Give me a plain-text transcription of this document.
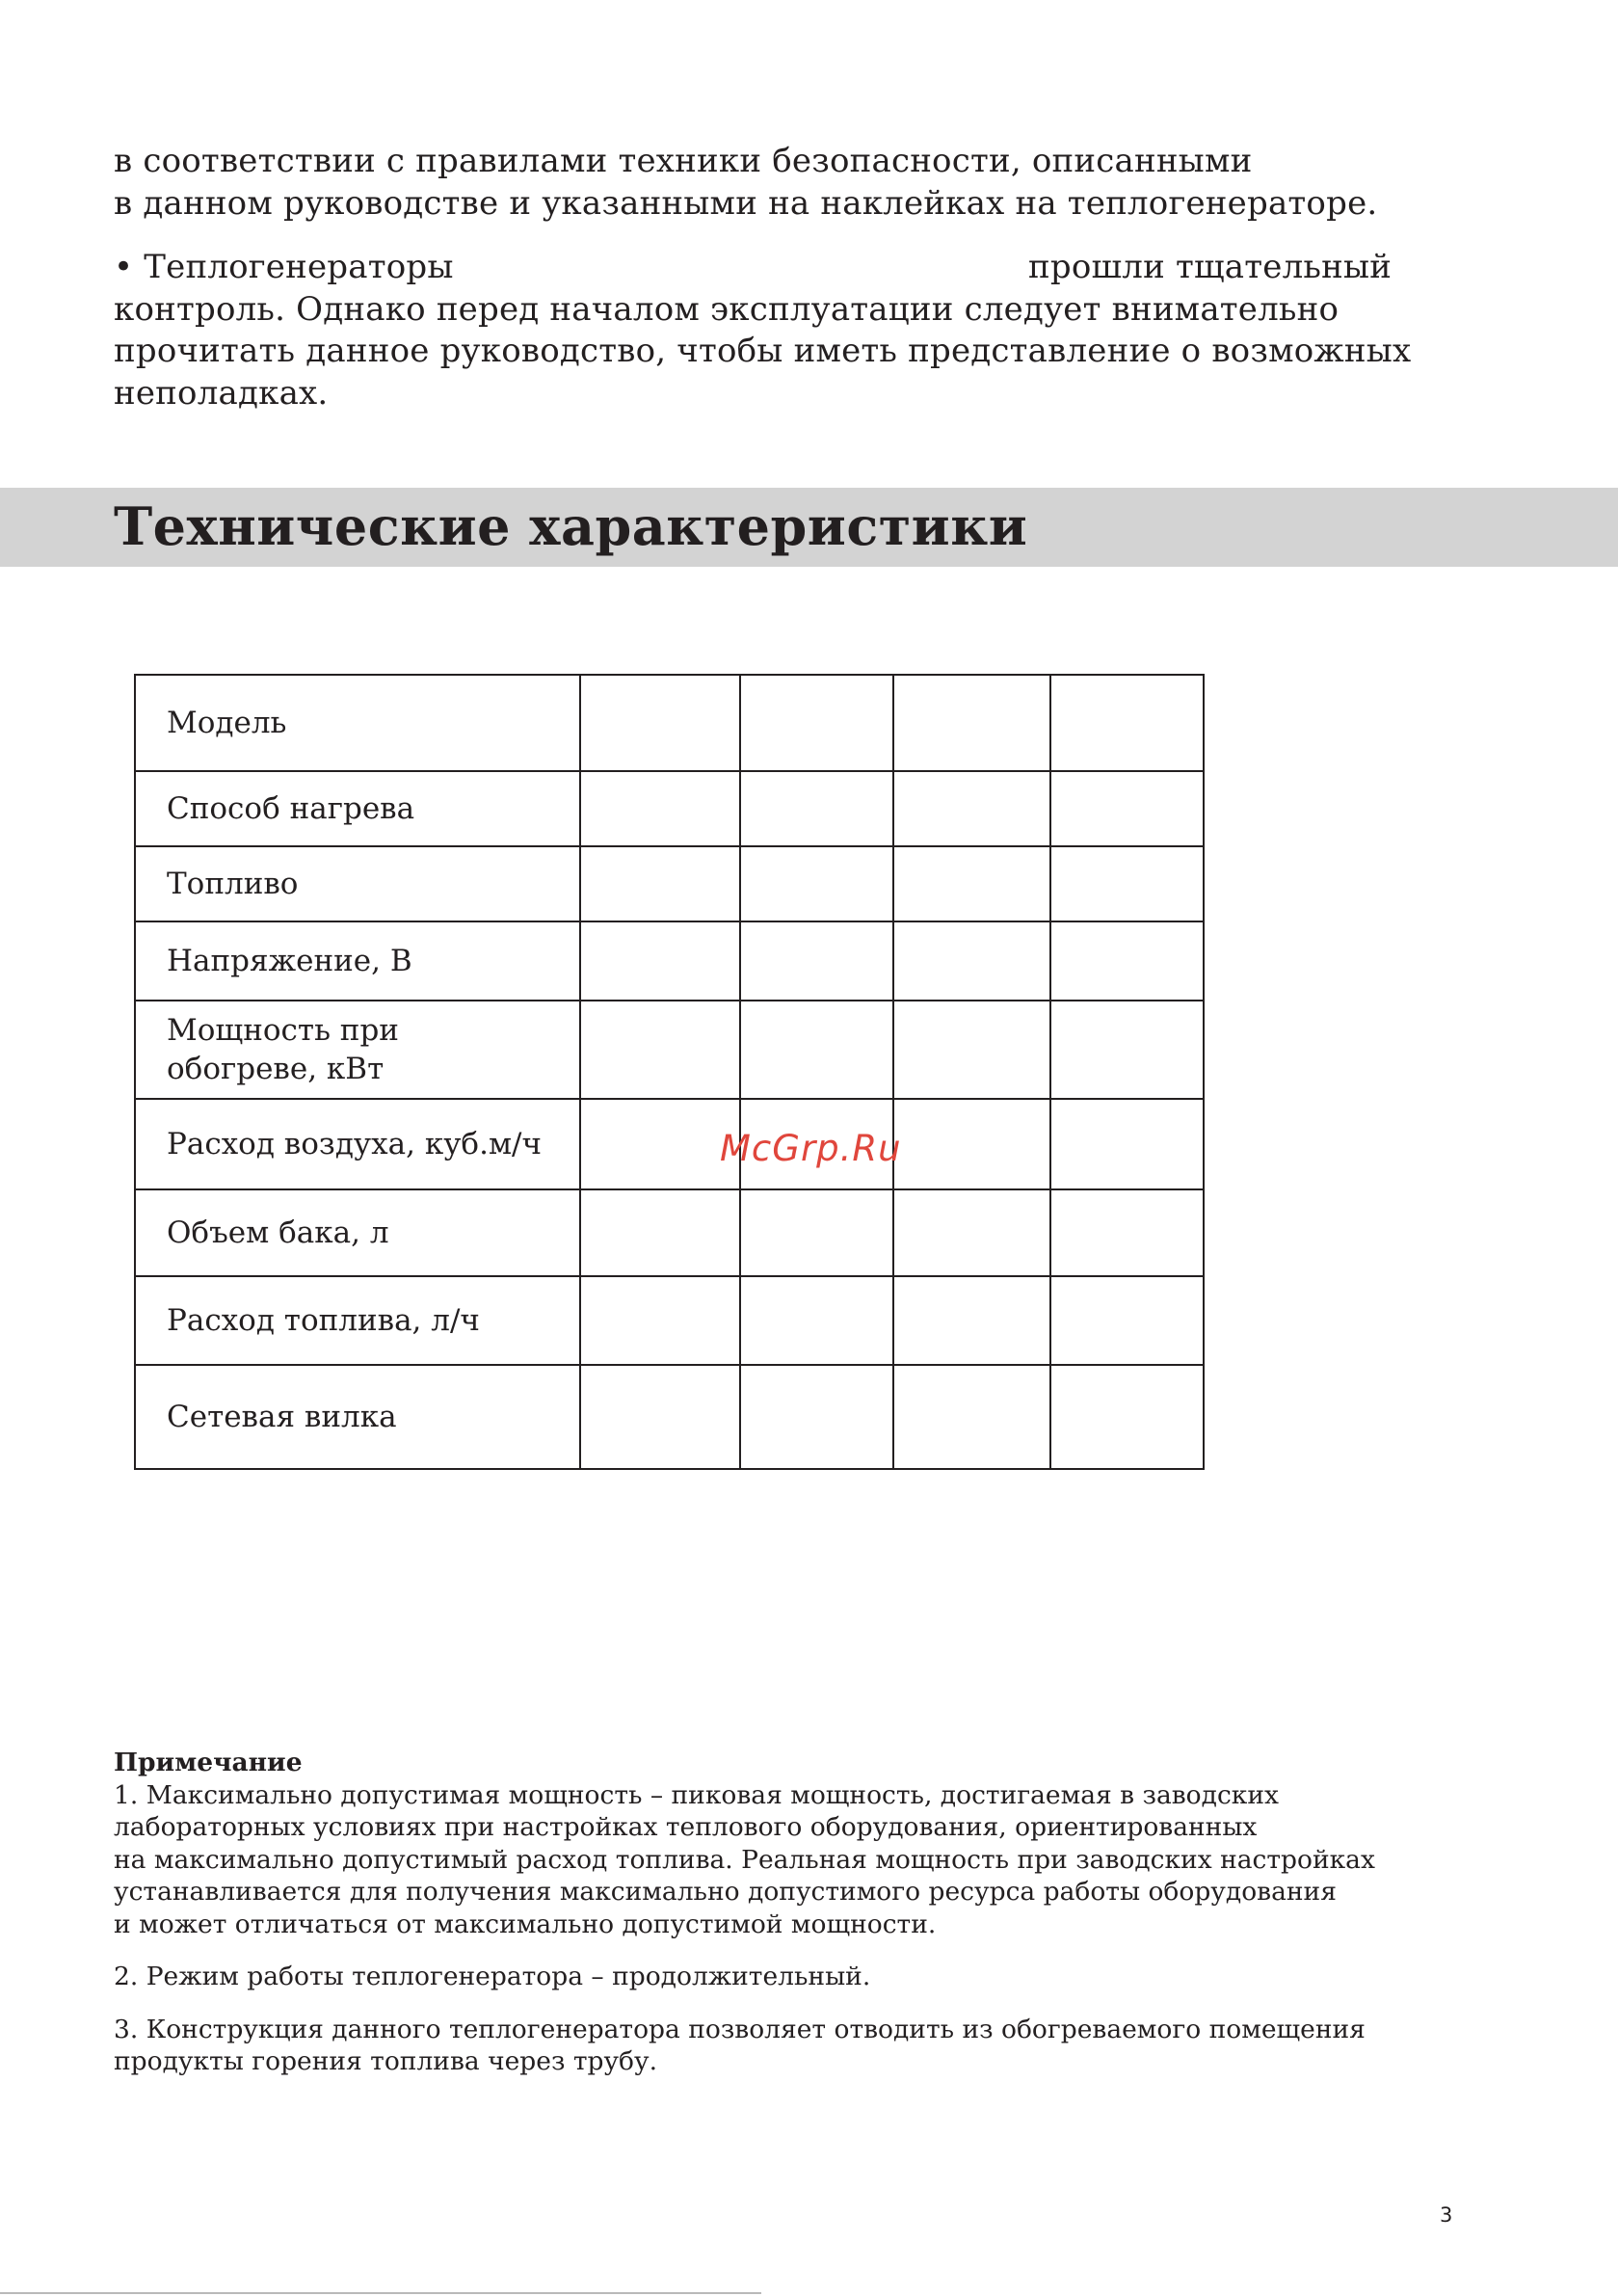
в соответствии с правилами техники безопасности, описанными
в данном руководстве и указанными на наклейках на теплогенераторе.
• Теплогенераторы	прошли тщательный
контроль. Однако перед началом эксплуатации следует внимательно
прочитать данное руководство, чтобы иметь представление о возможных
неполадках.
Технические характеристики
Модель				

Способ нагрева				

Топливо				

Напряжение, В				

Мощность при
обогреве, кВт				

Расход воздуха, куб.м/ч				

Объем бака, л				

Расход топлива, л/ч				

Сетевая вилка				

McGrp.Ru
Примечание
1. Максимально допустимая мощность – пиковая мощность, достигаемая в заводских
лабораторных условиях при настройках теплового оборудования, ориентированных
на максимально допустимый расход топлива. Реальная мощность при заводских настройках
устанавливается для получения максимально допустимого ресурса работы оборудования
и может отличаться от максимально допустимой мощности.
2. Режим работы теплогенератора – продолжительный.
3. Конструкция данного теплогенератора позволяет отводить из обогреваемого помещения
продукты горения топлива через трубу.
3
